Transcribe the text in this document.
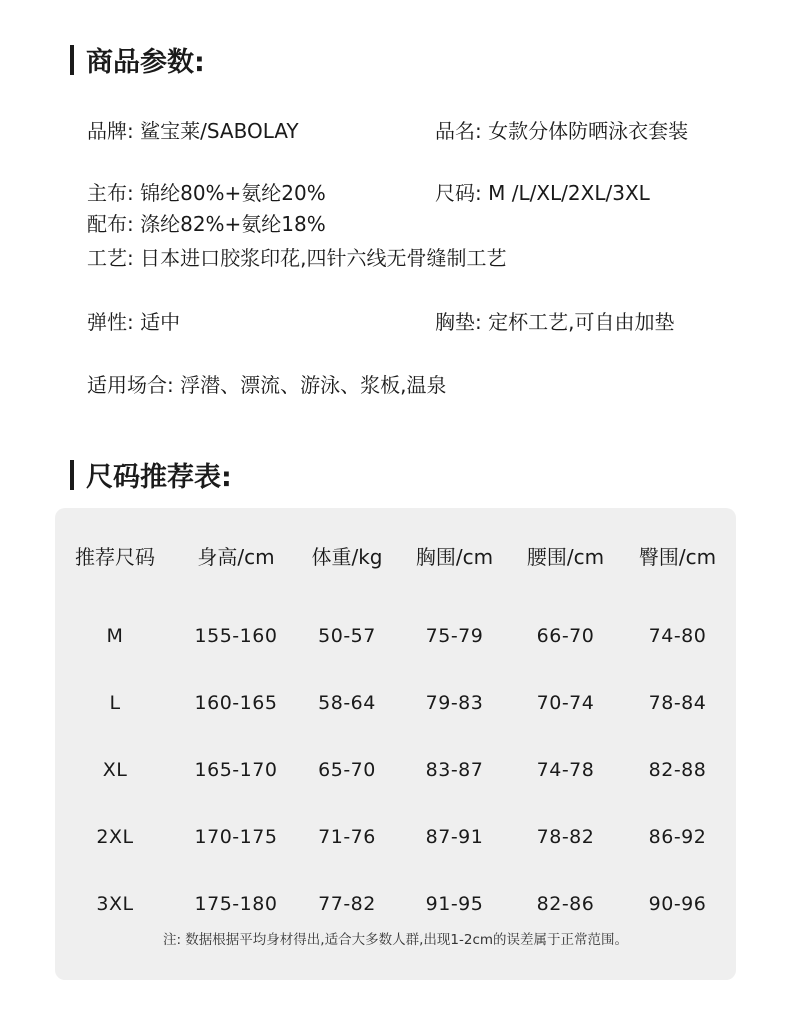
商品参数:
品牌: 鲨宝莱/SABOLAY	品名: 女款分体防晒泳衣套装
主布: 锦纶80%+氨纶20%	尺码: M /L/XL/2XL/3XL
配布: 涤纶82%+氨纶18%
工艺: 日本进口胶浆印花,四针六线无骨缝制工艺
弹性: 适中	胸垫: 定杯工艺,可自由加垫
适用场合: 浮潜、漂流、游泳、浆板,温泉
尺码推荐表:
推荐尺码	身高/cm	体重/kg	胸围/cm	腰围/cm	臀围/cm
M	155-160	50-57	75-79	66-70	74-80
L	160-165	58-64	79-83	70-74	78-84
XL	165-170	65-70	83-87	74-78	82-88
2XL	170-175	71-76	87-91	78-82	86-92
3XL	175-180	77-82	91-95	82-86	90-96
注: 数据根据平均身材得出,适合大多数人群,出现1-2cm的误差属于正常范围。
